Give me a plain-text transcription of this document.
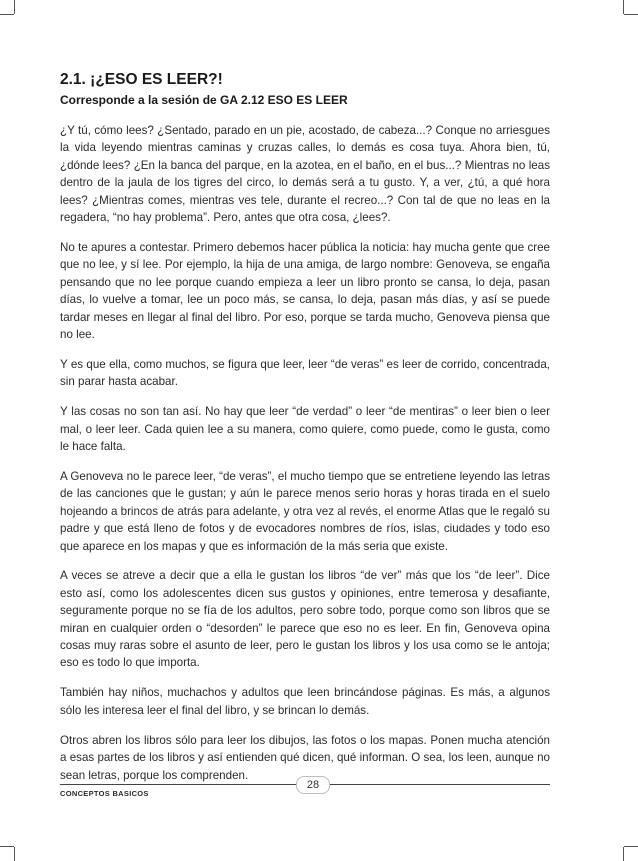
2.1. ¡¿ESO ES LEER?!
Corresponde a la sesión de GA 2.12 ESO ES LEER

¿Y tú, cómo lees? ¿Sentado, parado en un pie, acostado, de cabeza...? Conque no arriesgues la vida leyendo mientras caminas y cruzas calles, lo demás es cosa tuya. Ahora bien, tú, ¿dónde lees? ¿En la banca del parque, en la azotea, en el baño, en el bus...? Mientras no leas dentro de la jaula de los tigres del circo, lo demás será a tu gusto. Y, a ver, ¿tú, a qué hora lees? ¿Mientras comes, mientras ves tele, durante el recreo...? Con tal de que no leas en la regadera, “no hay problema”. Pero, antes que otra cosa, ¿lees?.

No te apures a contestar. Primero debemos hacer pública la noticia: hay mucha gente que cree que no lee, y sí lee. Por ejemplo, la hija de una amiga, de largo nombre: Genoveva, se engaña pensando que no lee porque cuando empieza a leer un libro pronto se cansa, lo deja, pasan días, lo vuelve a tomar, lee un poco más, se cansa, lo deja, pasan más días, y así se puede tardar meses en llegar al final del libro. Por eso, porque se tarda mucho, Genoveva piensa que no lee.

Y es que ella, como muchos, se figura que leer, leer “de veras” es leer de corrido, concentrada, sin parar hasta acabar.

Y las cosas no son tan así. No hay que leer “de verdad” o leer “de mentiras” o leer bien o leer mal, o leer leer. Cada quien lee a su manera, como quiere, como puede, como le gusta, como le hace falta.

A Genoveva no le parece leer, “de veras”, el mucho tiempo que se entretiene leyendo las letras de las canciones que le gustan; y aún le parece menos serio horas y horas tirada en el suelo hojeando a brincos de atrás para adelante, y otra vez al revés, el enorme Atlas que le regaló su padre y que está lleno de fotos y de evocadores nombres de ríos, islas, ciudades y todo eso que aparece en los mapas y que es información de la más seria que existe.

A veces se atreve a decir que a ella le gustan los libros “de ver” más que los “de leer”. Dice esto así, como los adolescentes dicen sus gustos y opiniones, entre temerosa y desafiante, seguramente porque no se fía de los adultos, pero sobre todo, porque como son libros que se miran en cualquier orden o “desorden” le parece que eso no es leer. En fin, Genoveva opina cosas muy raras sobre el asunto de leer, pero le gustan los libros y los usa como se le antoja; eso es todo lo que importa.

También hay niños, muchachos y adultos que leen brincándose páginas. Es más, a algunos sólo les interesa leer el final del libro, y se brincan lo demás.

Otros abren los libros sólo para leer los dibujos, las fotos o los mapas. Ponen mucha atención a esas partes de los libros y así entienden qué dicen, qué informan. O sea, los leen, aunque no sean letras, porque los comprenden.

28
CONCEPTOS BASICOS
